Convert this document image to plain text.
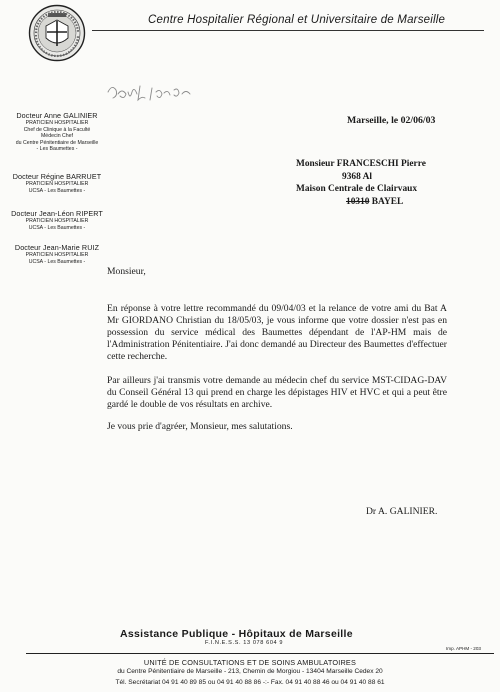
Centre Hospitalier Régional et Universitaire de Marseille
Docteur Anne GALINIER
PRATICIEN HOSPITALIER
Chef de Clinique à la Faculté
Médecin Chef
du Centre Pénitentiaire de Marseille
- Les Baumettes -
Docteur Régine BARRUET
PRATICIEN HOSPITALIER
UCSA - Les Baumettes -
Docteur Jean-Léon RIPERT
PRATICIEN HOSPITALIER
UCSA - Les Baumettes -
Docteur Jean-Marie RUIZ
PRATICIEN HOSPITALIER
UCSA - Les Baumettes -
Marseille, le 02/06/03
Monsieur FRANCESCHI Pierre
9368 Al
Maison Centrale de Clairvaux
10310 BAYEL
Monsieur,
En réponse à votre lettre recommandé du 09/04/03 et la relance de votre ami du Bat A Mr GIORDANO Christian du 18/05/03, je vous informe que votre dossier n'est pas en possession du service médical des Baumettes dépendant de l'AP-HM mais de l'Administration Pénitentiaire. J'ai donc demandé au Directeur des Baumettes d'effectuer cette recherche.
Par ailleurs j'ai transmis votre demande au médecin chef du service MST-CIDAG-DAV du Conseil Général 13 qui prend en charge les dépistages HIV et HVC et qui a peut être gardé le double de vos résultats en archive.
Je vous prie d'agréer, Monsieur, mes salutations.
Dr A. GALINIER.
Assistance Publique - Hôpitaux de Marseille
F.I.N.E.S.S. 13 078 604 9
Imp. APHM - 203
UNITÉ DE CONSULTATIONS ET DE SOINS AMBULATOIRES
du Centre Pénitentiaire de Marseille - 213, Chemin de Morgiou - 13404 Marseille Cedex 20
Tél. Secrétariat 04 91 40 89 85 ou 04 91 40 88 86 -:- Fax. 04 91 40 88 46 ou 04 91 40 88 61
